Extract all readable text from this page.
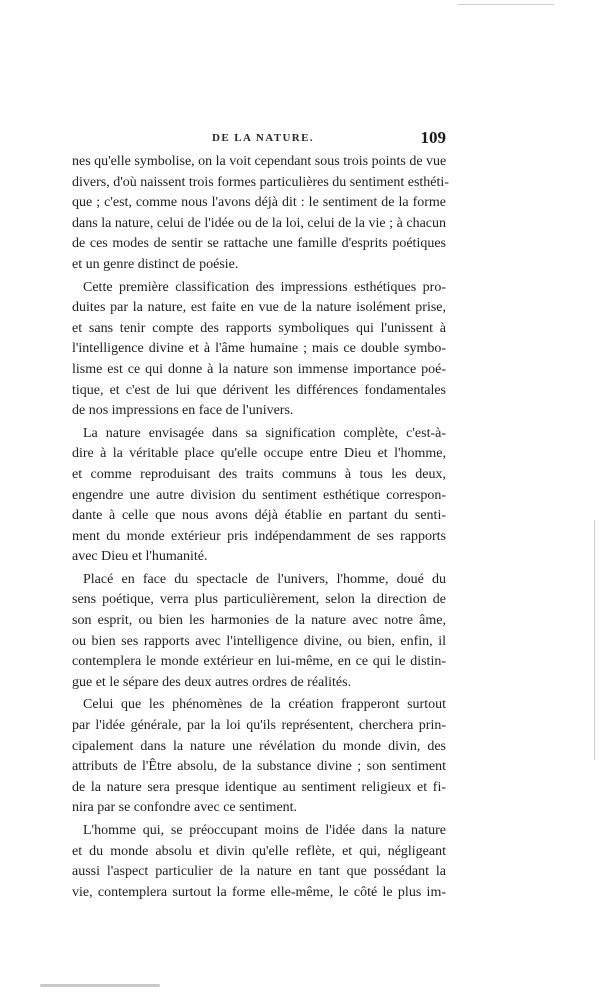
DE LA NATURE.	109
nes qu'elle symbolise, on la voit cependant sous trois points de vue
divers, d'où naissent trois formes particulières du sentiment esthéti-
que ; c'est, comme nous l'avons déjà dit : le sentiment de la forme
dans la nature, celui de l'idée ou de la loi, celui de la vie ; à chacun
de ces modes de sentir se rattache une famille d'esprits poétiques
et un genre distinct de poésie.
Cette première classification des impressions esthétiques pro-
duites par la nature, est faite en vue de la nature isolément prise,
et sans tenir compte des rapports symboliques qui l'unissent à
l'intelligence divine et à l'âme humaine ; mais ce double symbo-
lisme est ce qui donne à la nature son immense importance poé-
tique, et c'est de lui que dérivent les différences fondamentales
de nos impressions en face de l'univers.
La nature envisagée dans sa signification complète, c'est-à-
dire à la véritable place qu'elle occupe entre Dieu et l'homme,
et comme reproduisant des traits communs à tous les deux,
engendre une autre division du sentiment esthétique correspon-
dante à celle que nous avons déjà établie en partant du senti-
ment du monde extérieur pris indépendamment de ses rapports
avec Dieu et l'humanité.
Placé en face du spectacle de l'univers, l'homme, doué du
sens poétique, verra plus particulièrement, selon la direction de
son esprit, ou bien les harmonies de la nature avec notre âme,
ou bien ses rapports avec l'intelligence divine, ou bien, enfin, il
contemplera le monde extérieur en lui-même, en ce qui le distin-
gue et le sépare des deux autres ordres de réalités.
Celui que les phénomènes de la création frapperont surtout
par l'idée générale, par la loi qu'ils représentent, cherchera prin-
cipalement dans la nature une révélation du monde divin, des
attributs de l'Être absolu, de la substance divine ; son sentiment
de la nature sera presque identique au sentiment religieux et fi-
nira par se confondre avec ce sentiment.
L'homme qui, se préoccupant moins de l'idée dans la nature
et du monde absolu et divin qu'elle reflète, et qui, négligeant
aussi l'aspect particulier de la nature en tant que possédant la
vie, contemplera surtout la forme elle-même, le côté le plus im-
